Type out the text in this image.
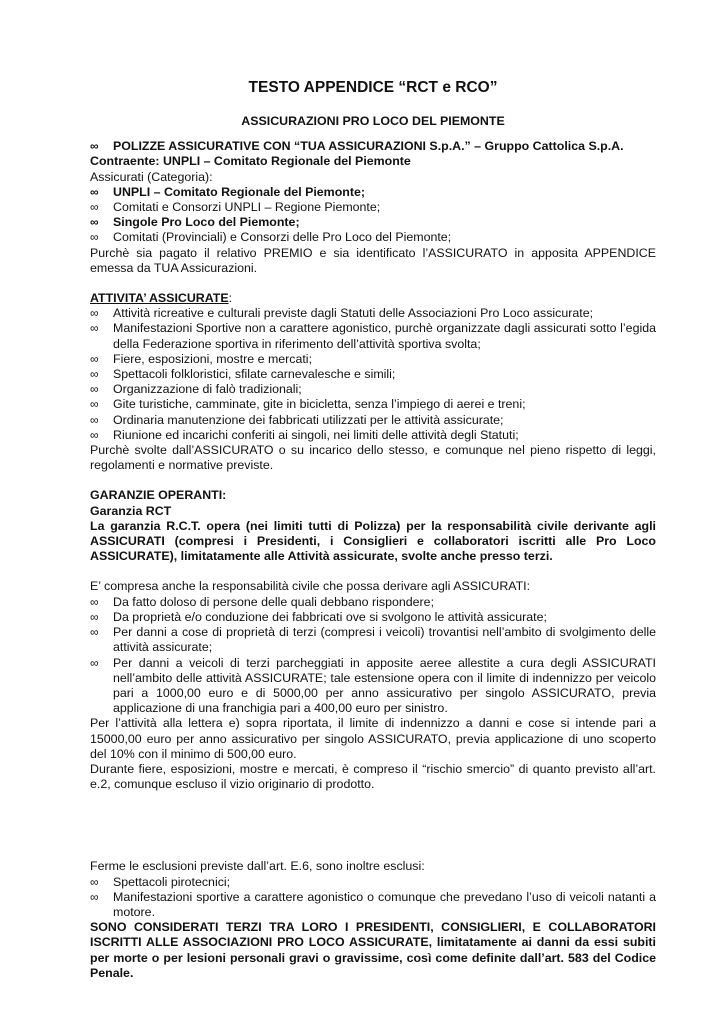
TESTO APPENDICE “RCT e RCO”
ASSICURAZIONI PRO LOCO DEL PIEMONTE
∞ POLIZZE ASSICURATIVE CON “TUA ASSICURAZIONI S.p.A.” – Gruppo Cattolica S.p.A.

Contraente: UNPLI – Comitato Regionale del Piemonte

Assicurati (Categoria):

∞ UNPLI – Comitato Regionale del Piemonte;
∞ Comitati e Consorzi UNPLI – Regione Piemonte;
∞ Singole Pro Loco del Piemonte;
∞ Comitati (Provinciali) e Consorzi delle Pro Loco del Piemonte;

Purchè sia pagato il relativo PREMIO e sia identificato l’ASSICURATO in apposita APPENDICE emessa da TUA Assicurazioni.

ATTIVITA’ ASSICURATE:

∞ Attività ricreative e culturali previste dagli Statuti delle Associazioni Pro Loco assicurate;
∞ Manifestazioni Sportive non a carattere agonistico, purchè organizzate dagli assicurati sotto l’egida della Federazione sportiva in riferimento dell’attività sportiva svolta;
∞ Fiere, esposizioni, mostre e mercati;
∞ Spettacoli folkloristici, sfilate carnevalesche e simili;
∞ Organizzazione di falò tradizionali;
∞ Gite turistiche, camminate, gite in bicicletta, senza l’impiego di aerei e treni;
∞ Ordinaria manutenzione dei fabbricati utilizzati per le attività assicurate;
∞ Riunione ed incarichi conferiti ai singoli, nei limiti delle attività degli Statuti;

Purchè svolte dall’ASSICURATO o su incarico dello stesso, e comunque nel pieno rispetto di leggi, regolamenti e normative previste.

GARANZIE OPERANTI:

Garanzia RCT

La garanzia R.C.T. opera (nei limiti tutti di Polizza) per la responsabilità civile derivante agli ASSICURATI (compresi i Presidenti, i Consiglieri e collaboratori iscritti alle Pro Loco ASSICURATE), limitatamente alle Attività assicurate, svolte anche presso terzi.

E’ compresa anche la responsabilità civile che possa derivare agli ASSICURATI:

∞ Da fatto doloso di persone delle quali debbano rispondere;
∞ Da proprietà e/o conduzione dei fabbricati ove si svolgono le attività assicurate;
∞ Per danni a cose di proprietà di terzi (compresi i veicoli) trovantisi nell’ambito di svolgimento delle attività assicurate;
∞ Per danni a veicoli di terzi parcheggiati in apposite aeree allestite a cura degli ASSICURATI nell’ambito delle attività ASSICURATE; tale estensione opera con il limite di indennizzo per veicolo pari a 1000,00 euro e di 5000,00 per anno assicurativo per singolo ASSICURATO, previa applicazione di una franchigia pari a 400,00 euro per sinistro.

Per l’attività alla lettera e) sopra riportata, il limite di indennizzo a danni e cose si intende pari a 15000,00 euro per anno assicurativo per singolo ASSICURATO, previa applicazione di uno scoperto del 10% con il minimo di 500,00 euro.

Durante fiere, esposizioni, mostre e mercati, è compreso il “rischio smercio” di quanto previsto all’art. e.2, comunque escluso il vizio originario di prodotto.

Ferme le esclusioni previste dall’art. E.6, sono inoltre esclusi:

∞ Spettacoli pirotecnici;
∞ Manifestazioni sportive a carattere agonistico o comunque che prevedano l’uso di veicoli natanti a motore.

SONO CONSIDERATI TERZI TRA LORO I PRESIDENTI, CONSIGLIERI, E COLLABORATORI ISCRITTI ALLE ASSOCIAZIONI PRO LOCO ASSICURATE, limitatamente ai danni da essi subiti per morte o per lesioni personali gravi o gravissime, così come definite dall’art. 583 del Codice Penale.
